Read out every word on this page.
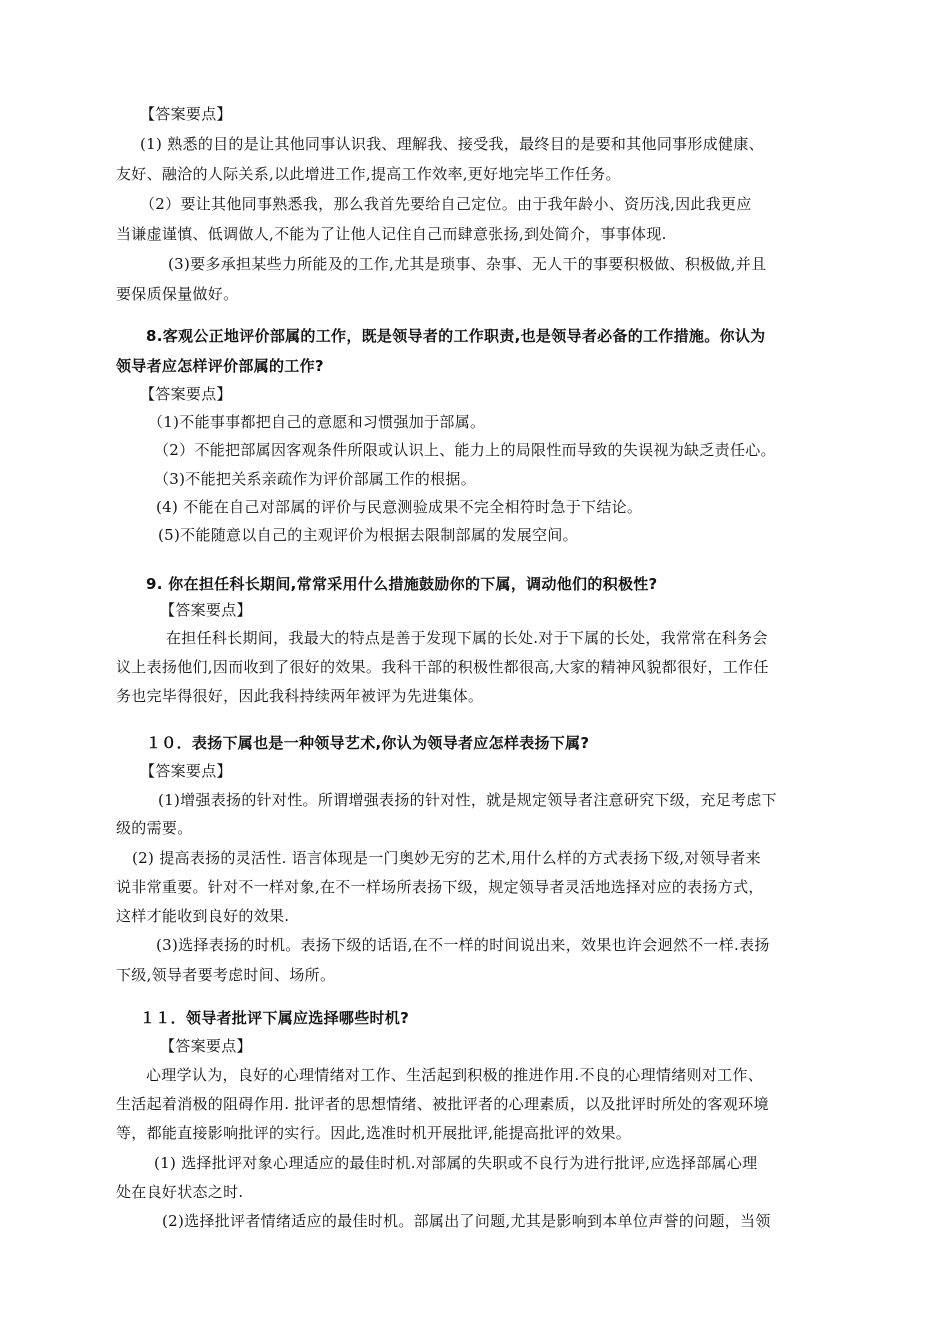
【答案要点】
(1) 熟悉的目的是让其他同事认识我、理解我、接受我，最终目的是要和其他同事形成健康、
友好、融洽的人际关系,以此增进工作,提高工作效率,更好地完毕工作任务。
（2）要让其他同事熟悉我，那么我首先要给自己定位。由于我年龄小、资历浅,因此我更应
当谦虚谨慎、低调做人,不能为了让他人记住自己而肆意张扬,到处简介，事事体现.
(3)要多承担某些力所能及的工作,尤其是琐事、杂事、无人干的事要积极做、积极做,并且
要保质保量做好。
8.客观公正地评价部属的工作，既是领导者的工作职责,也是领导者必备的工作措施。你认为
领导者应怎样评价部属的工作?
【答案要点】
（1)不能事事都把自己的意愿和习惯强加于部属。
（2）不能把部属因客观条件所限或认识上、能力上的局限性而导致的失误视为缺乏责任心。
（3)不能把关系亲疏作为评价部属工作的根据。
(4) 不能在自己对部属的评价与民意测验成果不完全相符时急于下结论。
(5)不能随意以自己的主观评价为根据去限制部属的发展空间。
9. 你在担任科长期间,常常采用什么措施鼓励你的下属，调动他们的积极性?
【答案要点】
在担任科长期间，我最大的特点是善于发现下属的长处.对于下属的长处，我常常在科务会
议上表扬他们,因而收到了很好的效果。我科干部的积极性都很高,大家的精神风貌都很好，工作任
务也完毕得很好，因此我科持续两年被评为先进集体。
１０．表扬下属也是一种领导艺术,你认为领导者应怎样表扬下属?
【答案要点】
(1)增强表扬的针对性。所谓增强表扬的针对性，就是规定领导者注意研究下级，充足考虑下
级的需要。
(2) 提高表扬的灵活性. 语言体现是一门奥妙无穷的艺术,用什么样的方式表扬下级,对领导者来
说非常重要。针对不一样对象,在不一样场所表扬下级，规定领导者灵活地选择对应的表扬方式，
这样才能收到良好的效果.
(3)选择表扬的时机。表扬下级的话语,在不一样的时间说出来，效果也许会迥然不一样.表扬
下级,领导者要考虑时间、场所。
１１．领导者批评下属应选择哪些时机?
【答案要点】
心理学认为，良好的心理情绪对工作、生活起到积极的推进作用.不良的心理情绪则对工作、
生活起着消极的阻碍作用. 批评者的思想情绪、被批评者的心理素质，以及批评时所处的客观环境
等，都能直接影响批评的实行。因此,选准时机开展批评,能提高批评的效果。
(1) 选择批评对象心理适应的最佳时机.对部属的失职或不良行为进行批评,应选择部属心理
处在良好状态之时.
(2)选择批评者情绪适应的最佳时机。部属出了问题,尤其是影响到本单位声誉的问题，当领
